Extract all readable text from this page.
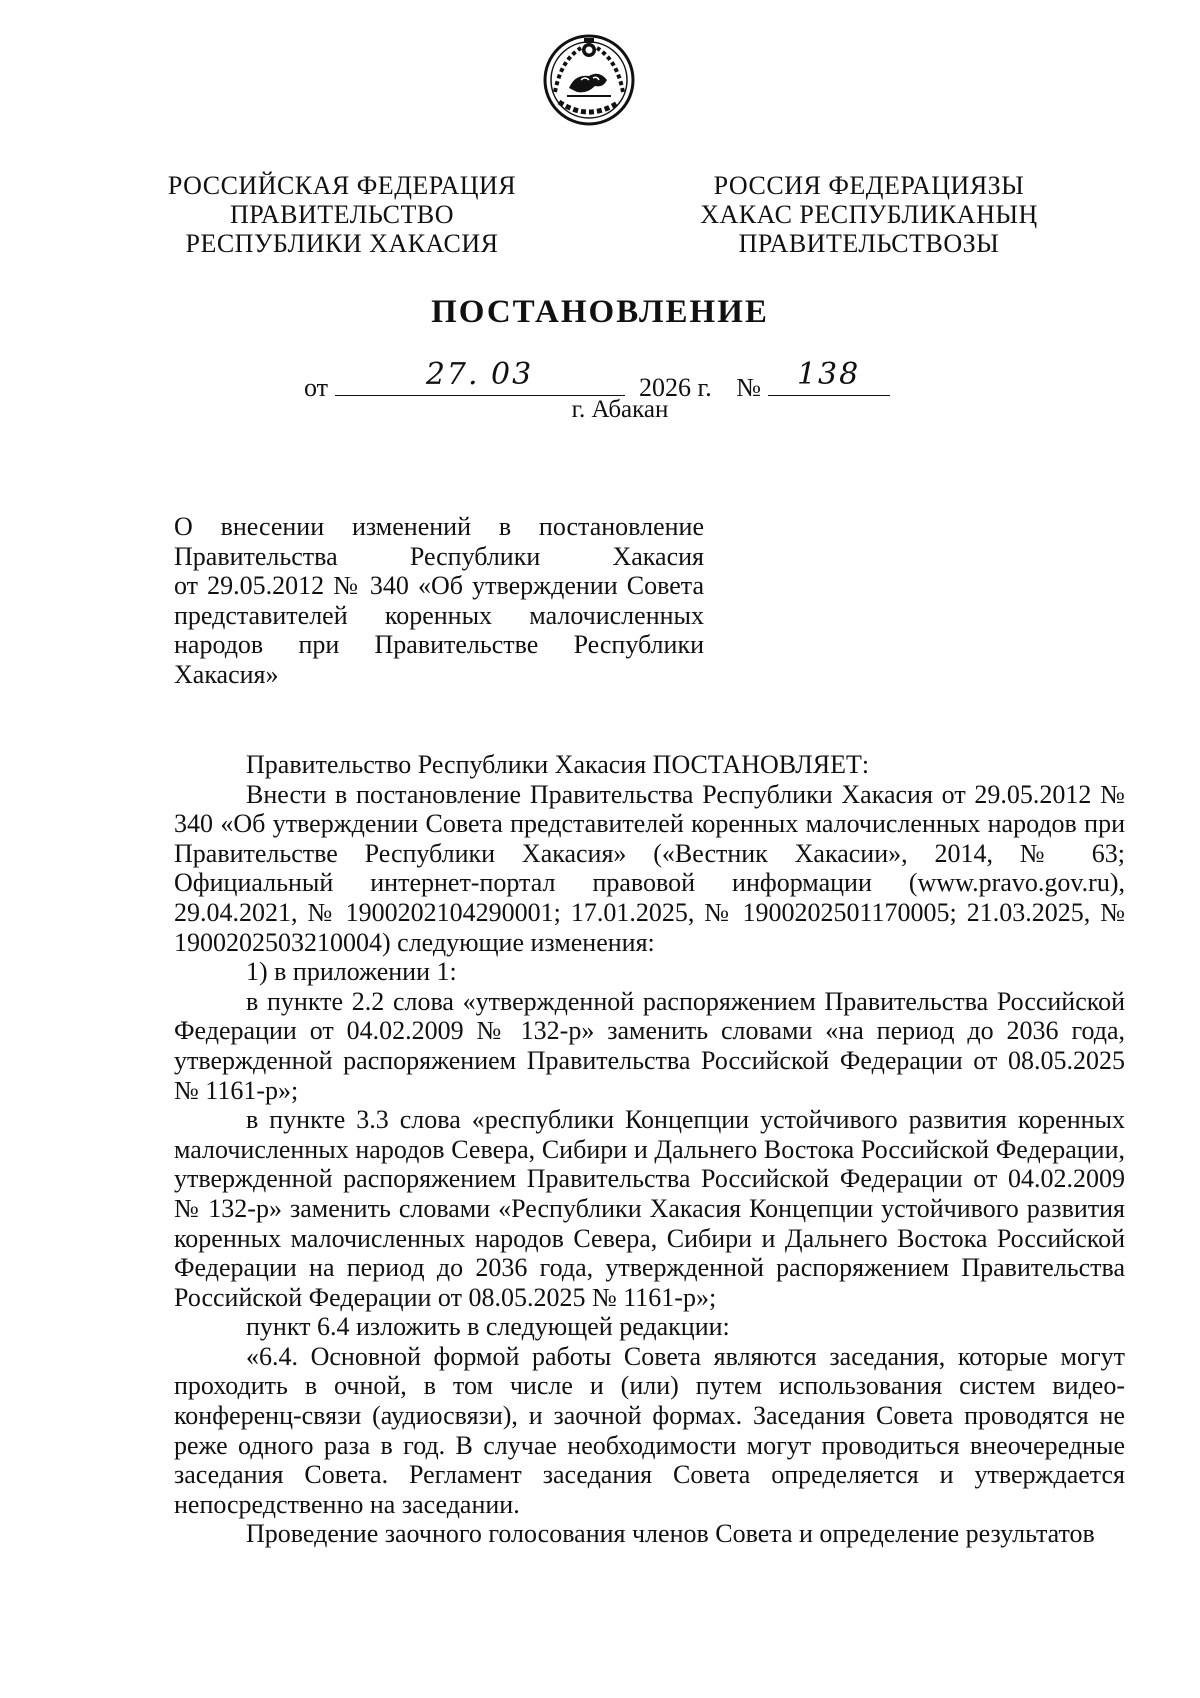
РОССИЙСКАЯ ФЕДЕРАЦИЯ
ПРАВИТЕЛЬСТВО
РЕСПУБЛИКИ ХАКАСИЯ
РОССИЯ ФЕДЕРАЦИЯЗЫ
ХАКАС РЕСПУБЛИКАНЫҢ
ПРАВИТЕЛЬСТВОЗЫ
ПОСТАНОВЛЕНИЕ
от	27. 03	2026 г. №	138
г. Абакан
О внесении изменений в постановление
Правительства Республики Хакасия
от 29.05.2012 № 340 «Об утверждении Совета
представителей коренных малочисленных
народов при Правительстве Республики
Хакасия»

Правительство Республики Хакасия ПОСТАНОВЛЯЕТ:

Внести в постановление Правительства Республики Хакасия от 29.05.2012 № 340 «Об утверждении Совета представителей коренных малочисленных народов при Правительстве Республики Хакасия» («Вестник Хакасии», 2014, № 63; Официальный интернет-портал правовой информации (www.pravo.gov.ru), 29.04.2021, № 1900202104290001; 17.01.2025, № 1900202501170005; 21.03.2025, № 1900202503210004) следующие изменения:

1) в приложении 1:

в пункте 2.2 слова «утвержденной распоряжением Правительства Российской Федерации от 04.02.2009 № 132-р» заменить словами «на период до 2036 года, утвержденной распоряжением Правительства Российской Федерации от 08.05.2025 № 1161-р»;

в пункте 3.3 слова «республики Концепции устойчивого развития коренных малочисленных народов Севера, Сибири и Дальнего Востока Российской Федерации, утвержденной распоряжением Правительства Российской Федерации от 04.02.2009 № 132-р» заменить словами «Республики Хакасия Концепции устойчивого развития коренных малочисленных народов Севера, Сибири и Дальнего Востока Российской Федерации на период до 2036 года, утвержденной распоряжением Правительства Российской Федерации от 08.05.2025 № 1161-р»;

пункт 6.4 изложить в следующей редакции:

«6.4. Основной формой работы Совета являются заседания, которые могут проходить в очной, в том числе и (или) путем использования систем видео-конференц-связи (аудиосвязи), и заочной формах. Заседания Совета проводятся не реже одного раза в год. В случае необходимости могут проводиться внеочередные заседания Совета. Регламент заседания Совета определяется и утверждается непосредственно на заседании.

Проведение заочного голосования членов Совета и определение результатов
